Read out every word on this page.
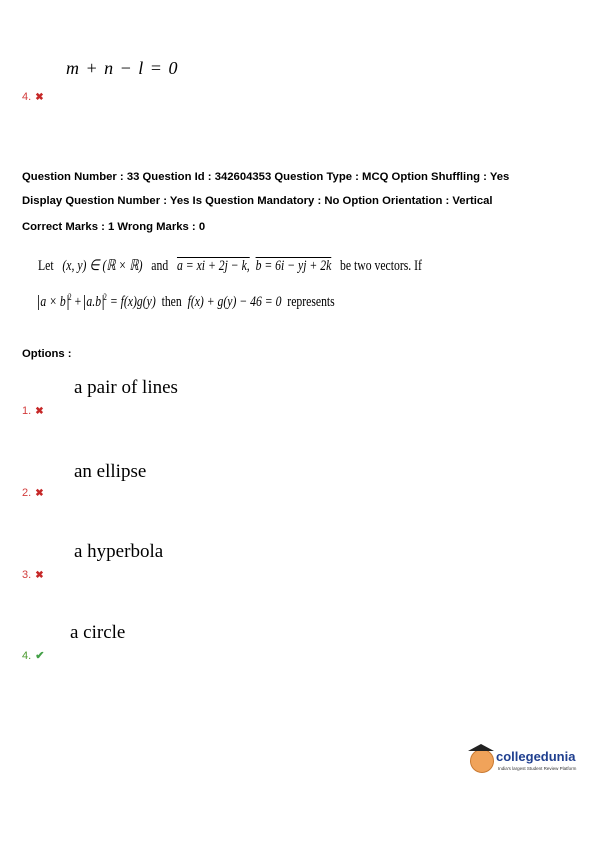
m + n − l = 0
4. ✖
Question Number : 33 Question Id : 342604353 Question Type : MCQ Option Shuffling : Yes
Display Question Number : Yes Is Question Mandatory : No Option Orientation : Vertical
Correct Marks : 1 Wrong Marks : 0
Let (x, y) ∈ (ℝ × ℝ) and a = xi + 2j − k, b = 6i − yj + 2k be two vectors. If
a × b $^2$ + a.b $^2$ = f(x)g(y) then f(x) + g(y) − 46 = 0 represents
Options :
a pair of lines
1. ✖
an ellipse
2. ✖
a hyperbola
3. ✖
a circle
4. ✔
collegedunia
India's largest Student Review Platform
